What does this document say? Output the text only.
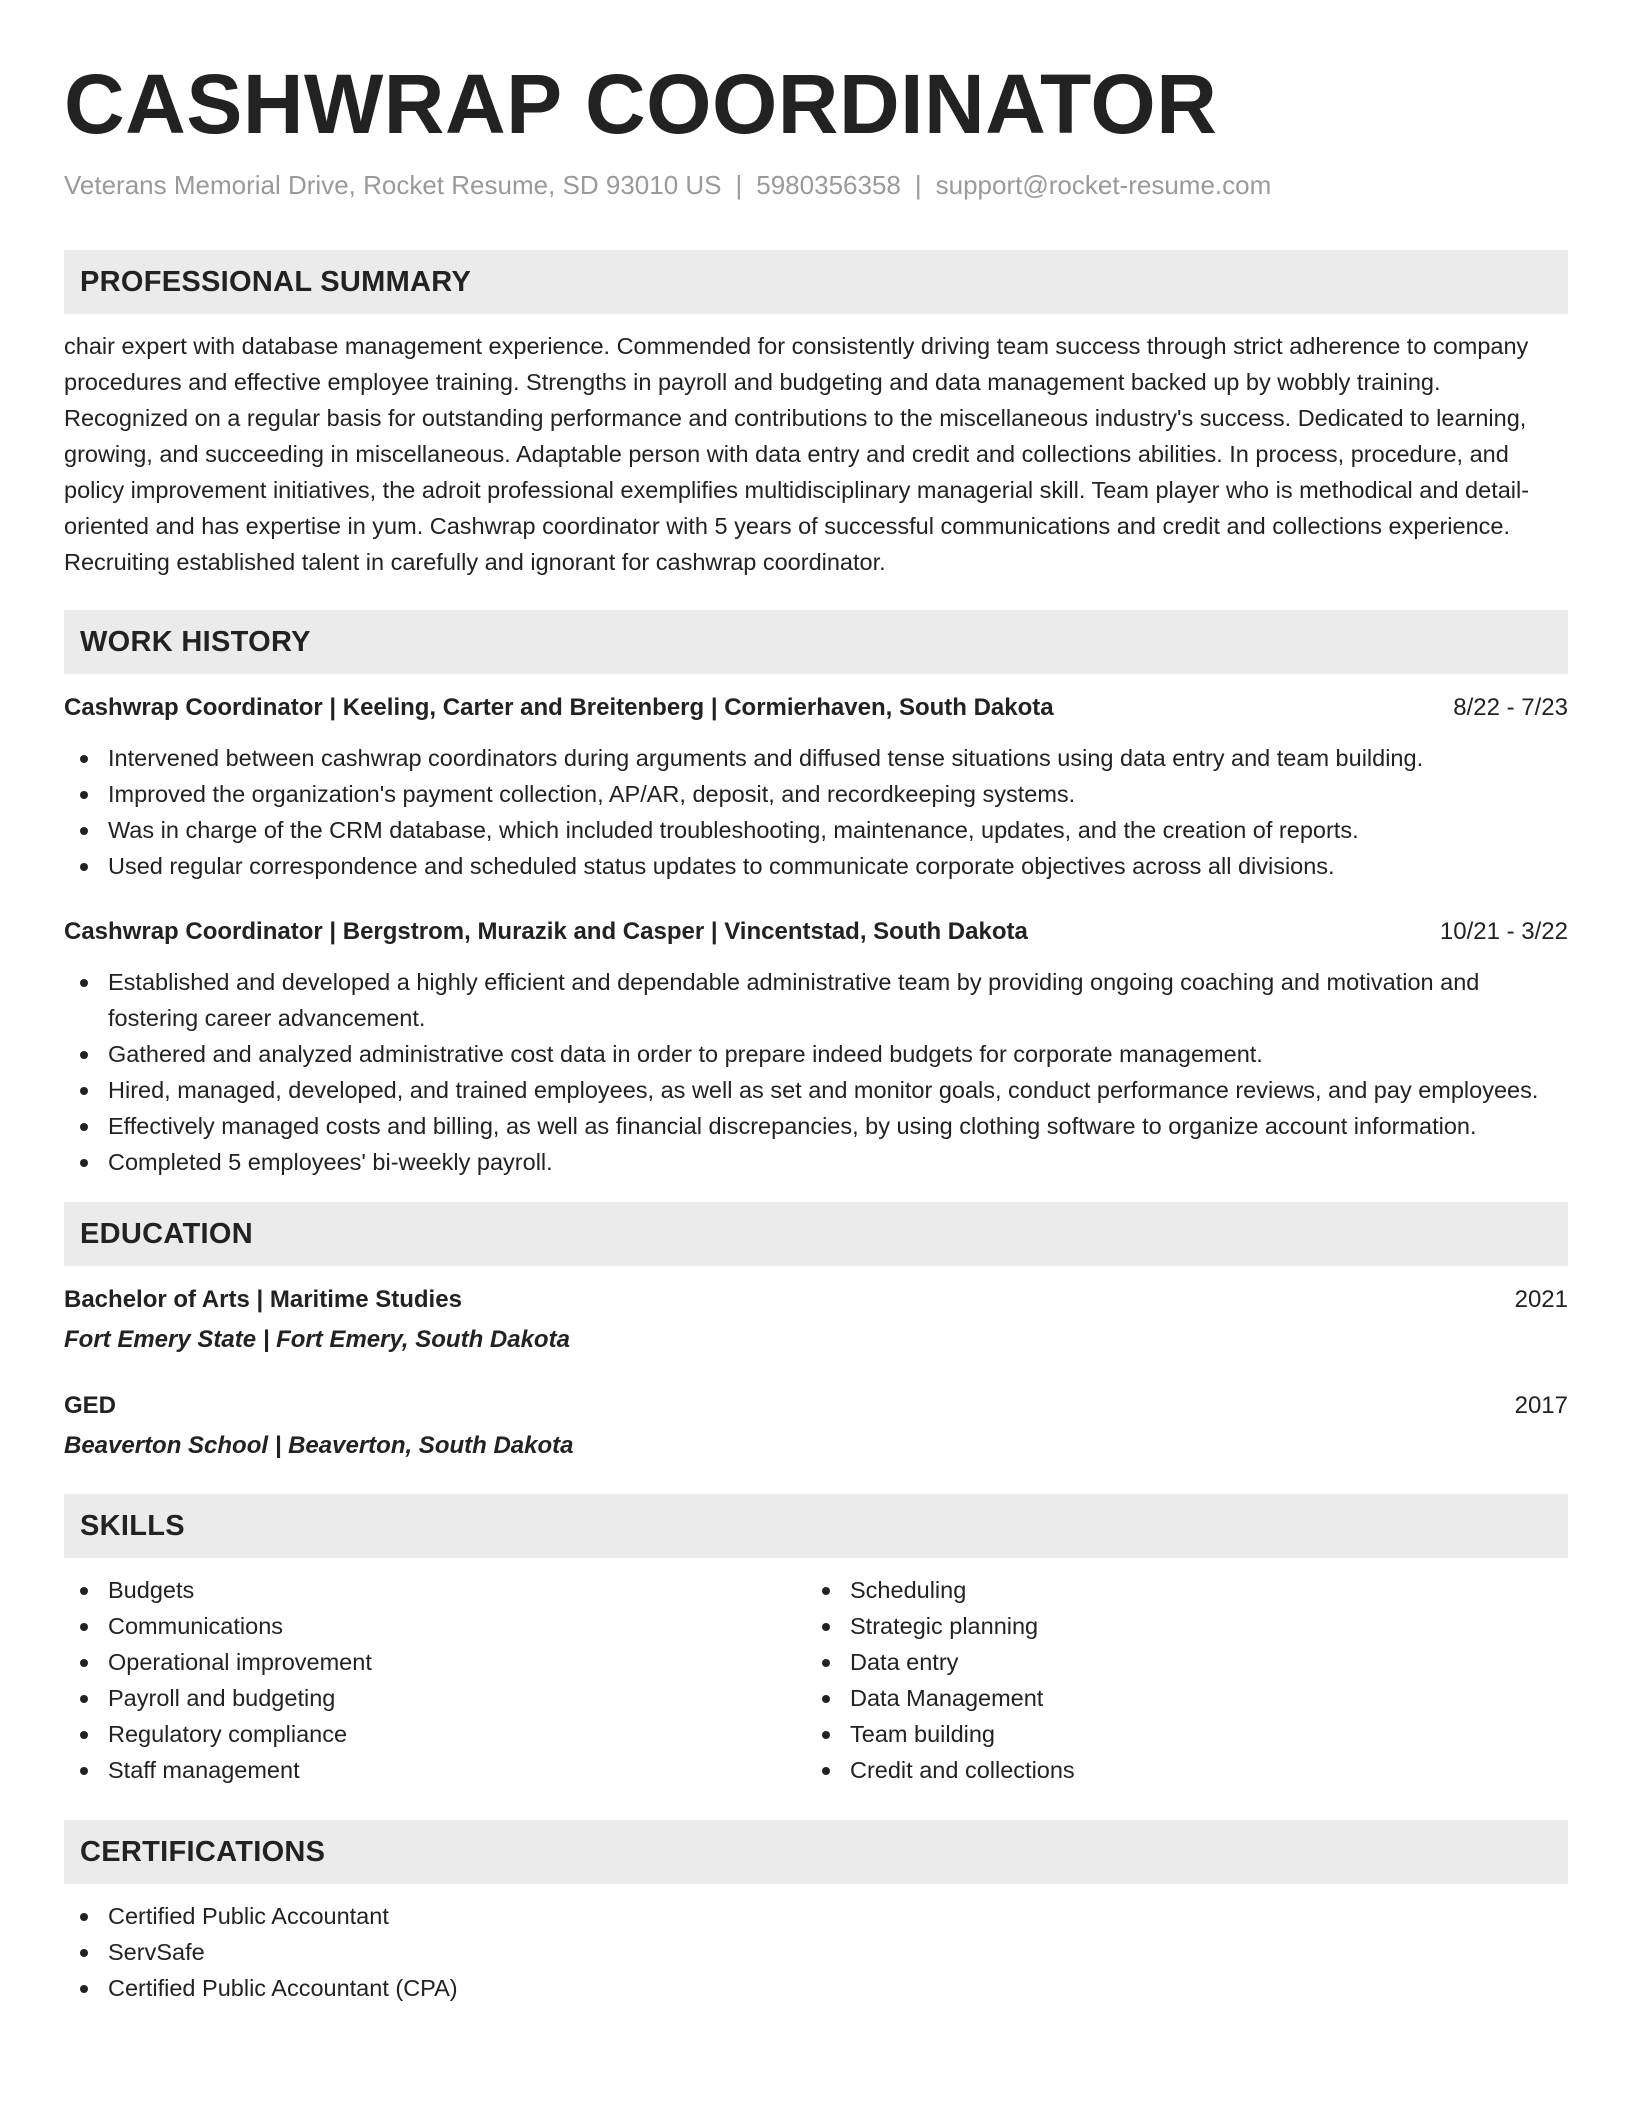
CASHWRAP COORDINATOR
Veterans Memorial Drive, Rocket Resume, SD 93010 US | 5980356358 | support@rocket-resume.com
PROFESSIONAL SUMMARY

chair expert with database management experience. Commended for consistently driving team success through strict adherence to company procedures and effective employee training. Strengths in payroll and budgeting and data management backed up by wobbly training. Recognized on a regular basis for outstanding performance and contributions to the miscellaneous industry's success. Dedicated to learning, growing, and succeeding in miscellaneous. Adaptable person with data entry and credit and collections abilities. In process, procedure, and policy improvement initiatives, the adroit professional exemplifies multidisciplinary managerial skill. Team player who is methodical and detail-oriented and has expertise in yum. Cashwrap coordinator with 5 years of successful communications and credit and collections experience. Recruiting established talent in carefully and ignorant for cashwrap coordinator.

WORK HISTORY
Cashwrap Coordinator | Keeling, Carter and Breitenberg | Cormierhaven, South Dakota	8/22 - 7/23
Intervened between cashwrap coordinators during arguments and diffused tense situations using data entry and team building.
Improved the organization's payment collection, AP/AR, deposit, and recordkeeping systems.
Was in charge of the CRM database, which included troubleshooting, maintenance, updates, and the creation of reports.
Used regular correspondence and scheduled status updates to communicate corporate objectives across all divisions.
Cashwrap Coordinator | Bergstrom, Murazik and Casper | Vincentstad, South Dakota	10/21 - 3/22
Established and developed a highly efficient and dependable administrative team by providing ongoing coaching and motivation and fostering career advancement.
Gathered and analyzed administrative cost data in order to prepare indeed budgets for corporate management.
Hired, managed, developed, and trained employees, as well as set and monitor goals, conduct performance reviews, and pay employees.
Effectively managed costs and billing, as well as financial discrepancies, by using clothing software to organize account information.
Completed 5 employees' bi-weekly payroll.
EDUCATION
Bachelor of Arts | Maritime Studies	2021
Fort Emery State | Fort Emery, South Dakota
GED	2017
Beaverton School | Beaverton, South Dakota
SKILLS
Budgets
Communications
Operational improvement
Payroll and budgeting
Regulatory compliance
Staff management
Scheduling
Strategic planning
Data entry
Data Management
Team building
Credit and collections
CERTIFICATIONS
Certified Public Accountant
ServSafe
Certified Public Accountant (CPA)
